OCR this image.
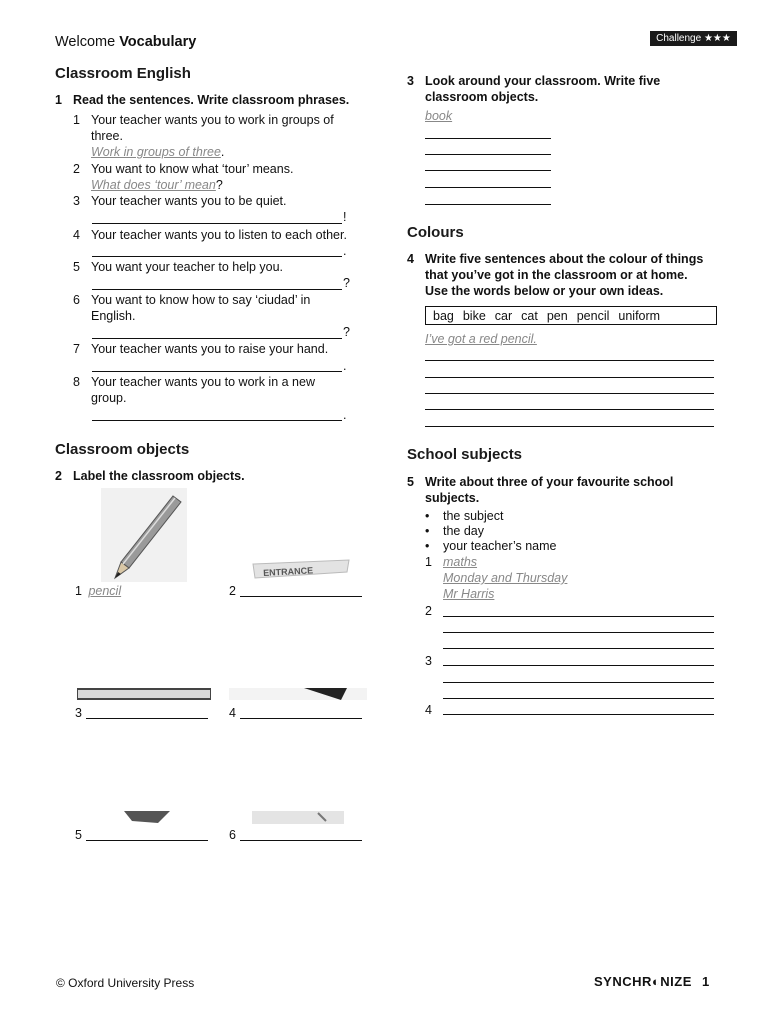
Welcome Vocabulary	Challenge ★★★
Classroom English
1 Read the sentences. Write classroom phrases.
1 Your teacher wants you to work in groups of
three.
Work in groups of three.
2 You want to know what ‘tour’ means.
What does ‘tour’ mean?
3 Your teacher wants you to be quiet.
!
4 Your teacher wants you to listen to each other.
.
5 You want your teacher to help you.
?
6 You want to know how to say ‘ciudad’ in
English.
?
7 Your teacher wants you to raise your hand.
.
8 Your teacher wants you to work in a new
group.
.
Classroom objects
2 Label the classroom objects.
ENTRANCE
1 pencil	2
3	4
5	6
3 Look around your classroom. Write five
classroom objects.
book
Colours
4 Write five sentences about the colour of things
that you’ve got in the classroom or at home.
Use the words below or your own ideas.
bag bike car cat pen pencil uniform
I’ve got a red pencil.
School subjects
5 Write about three of your favourite school
subjects.
• the subject
• the day
• your teacher’s name
1 maths
Monday and Thursday
Mr Harris
2
3
4
© Oxford University Press	SYNCHR◐NIZE 1
